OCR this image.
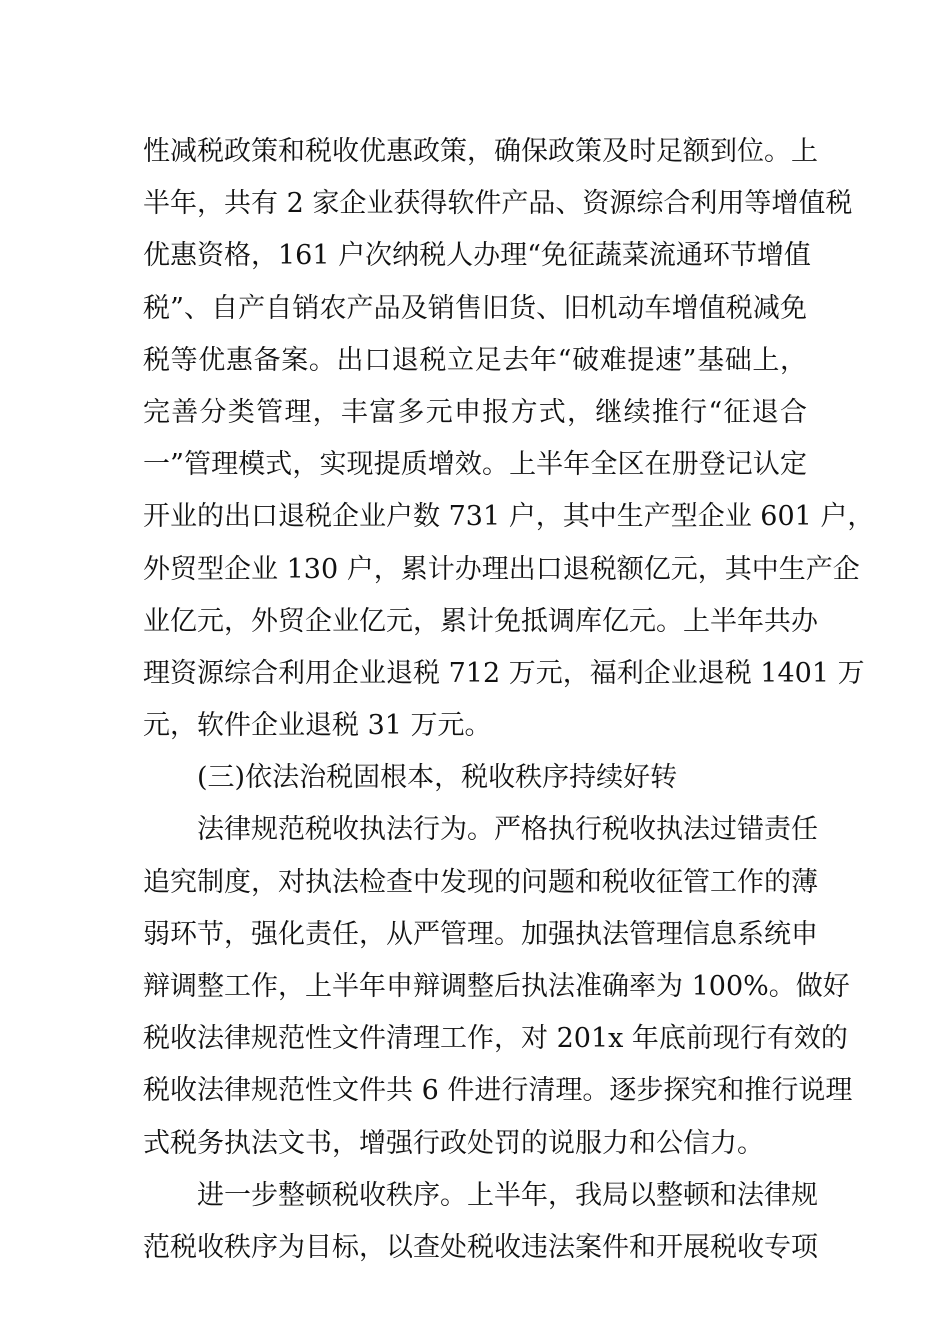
性减税政策和税收优惠政策，确保政策及时足额到位。上

半年，共有 2 家企业获得软件产品、资源综合利用等增值税

优惠资格，161 户次纳税人办理“免征蔬菜流通环节增值

税”、自产自销农产品及销售旧货、旧机动车增值税减免

税等优惠备案。出口退税立足去年“破难提速”基础上，

完善分类管理，丰富多元申报方式，继续推行“征退合

一”管理模式，实现提质增效。上半年全区在册登记认定

开业的出口退税企业户数 731 户，其中生产型企业 601 户，

外贸型企业 130 户，累计办理出口退税额亿元，其中生产企

业亿元，外贸企业亿元，累计免抵调库亿元。上半年共办

理资源综合利用企业退税 712 万元，福利企业退税 1401 万

元，软件企业退税 31 万元。

　　(三)依法治税固根本，税收秩序持续好转

　　法律规范税收执法行为。严格执行税收执法过错责任

追究制度，对执法检查中发现的问题和税收征管工作的薄

弱环节，强化责任，从严管理。加强执法管理信息系统申

辩调整工作，上半年申辩调整后执法准确率为 100%。做好

税收法律规范性文件清理工作，对 201x 年底前现行有效的

税收法律规范性文件共 6 件进行清理。逐步探究和推行说理

式税务执法文书，增强行政处罚的说服力和公信力。

　　进一步整顿税收秩序。上半年，我局以整顿和法律规

范税收秩序为目标，以查处税收违法案件和开展税收专项
